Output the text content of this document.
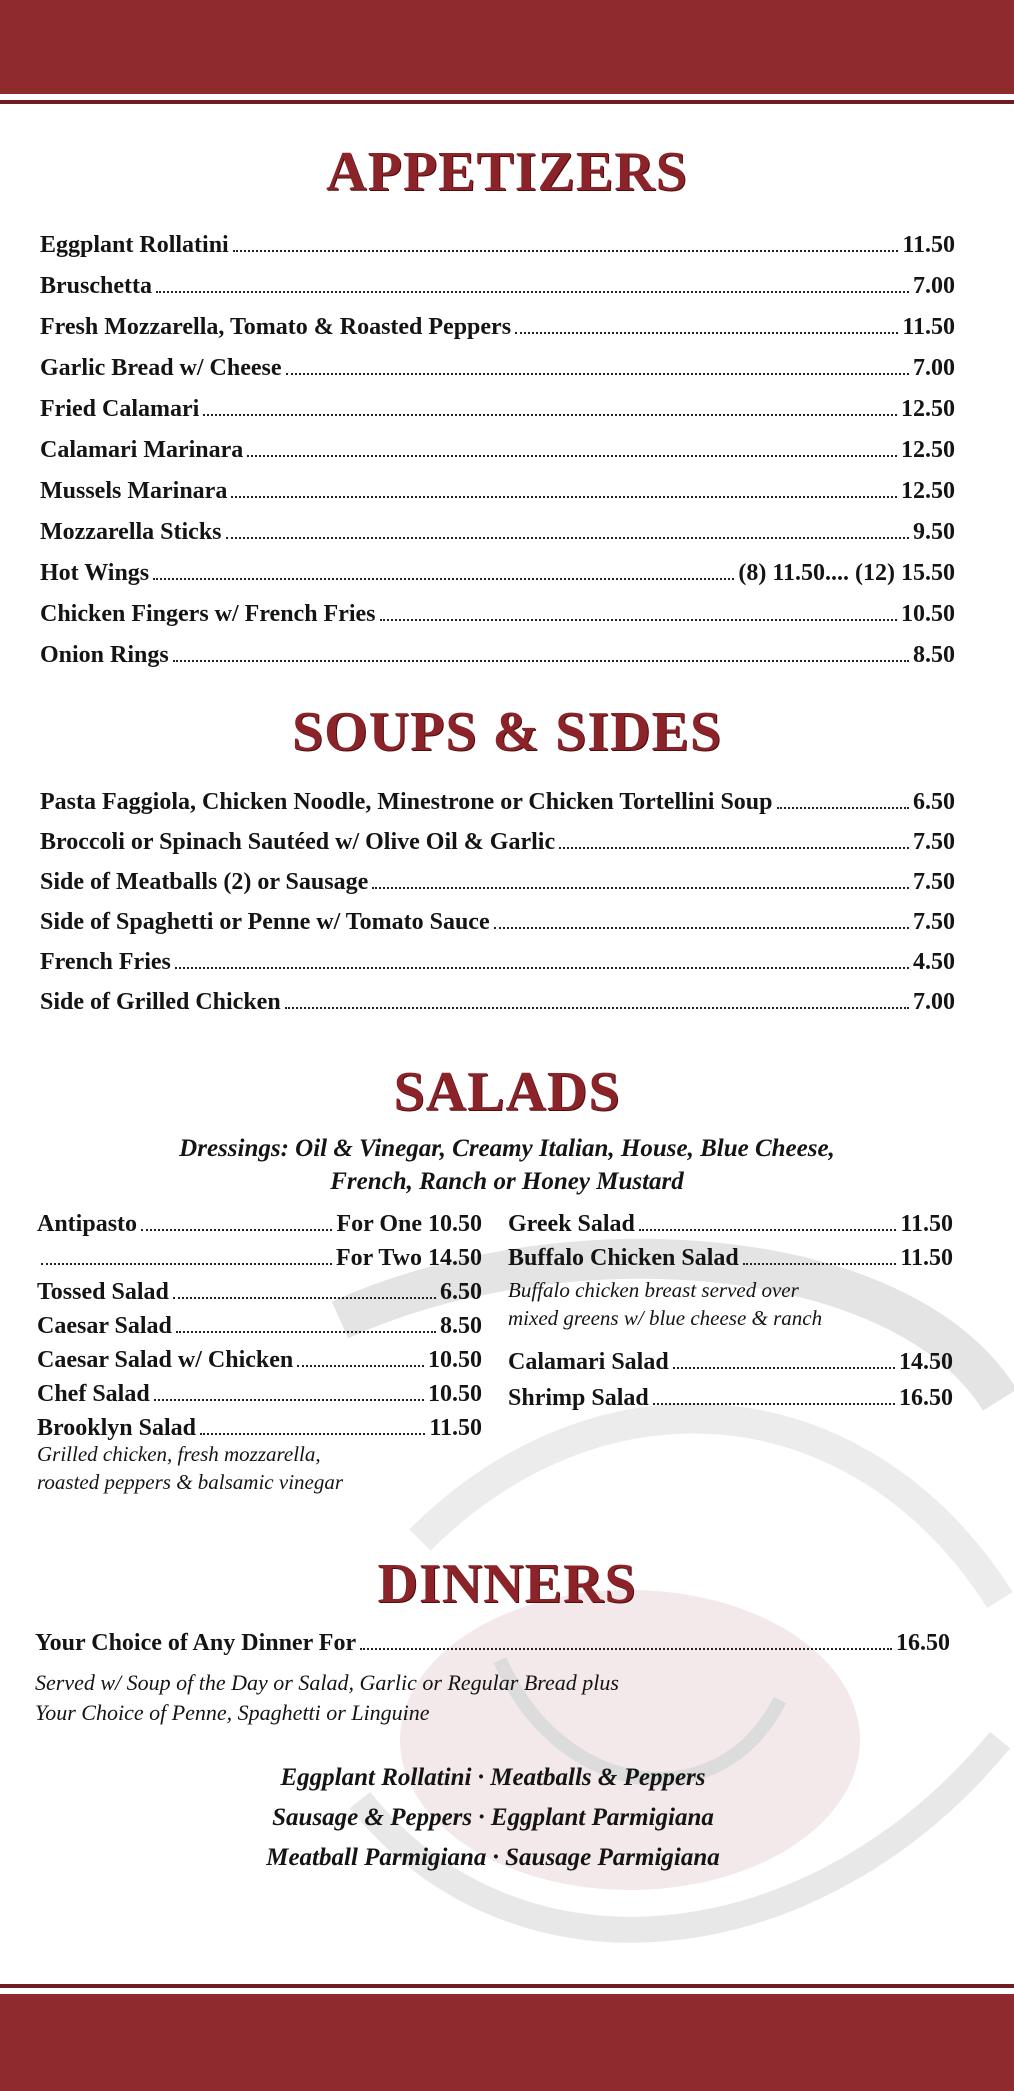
APPETIZERS
Eggplant Rollatini	11.50
Bruschetta	7.00
Fresh Mozzarella, Tomato & Roasted Peppers	11.50
Garlic Bread w/ Cheese	7.00
Fried Calamari	12.50
Calamari Marinara	12.50
Mussels Marinara	12.50
Mozzarella Sticks	9.50
Hot Wings	(8) 11.50.... (12) 15.50
Chicken Fingers w/ French Fries	10.50
Onion Rings	8.50
SOUPS & SIDES
Pasta Faggiola, Chicken Noodle, Minestrone or Chicken Tortellini Soup	6.50
Broccoli or Spinach Sautéed w/ Olive Oil & Garlic	7.50
Side of Meatballs (2) or Sausage	7.50
Side of Spaghetti or Penne w/ Tomato Sauce	7.50
French Fries	4.50
Side of Grilled Chicken	7.00
SALADS
Dressings: Oil & Vinegar, Creamy Italian, House, Blue Cheese,
French, Ranch or Honey Mustard
Antipasto	For One 10.50
For Two 14.50
Tossed Salad	6.50
Caesar Salad	8.50
Caesar Salad w/ Chicken	10.50
Chef Salad	10.50
Brooklyn Salad	11.50
Grilled chicken, fresh mozzarella,
roasted peppers & balsamic vinegar
Greek Salad	11.50
Buffalo Chicken Salad	11.50
Buffalo chicken breast served over
mixed greens w/ blue cheese & ranch
Calamari Salad	14.50
Shrimp Salad	16.50
DINNERS
Your Choice of Any Dinner For	16.50
Served w/ Soup of the Day or Salad, Garlic or Regular Bread plus
Your Choice of Penne, Spaghetti or Linguine
Eggplant Rollatini · Meatballs & Peppers
Sausage & Peppers · Eggplant Parmigiana
Meatball Parmigiana · Sausage Parmigiana
